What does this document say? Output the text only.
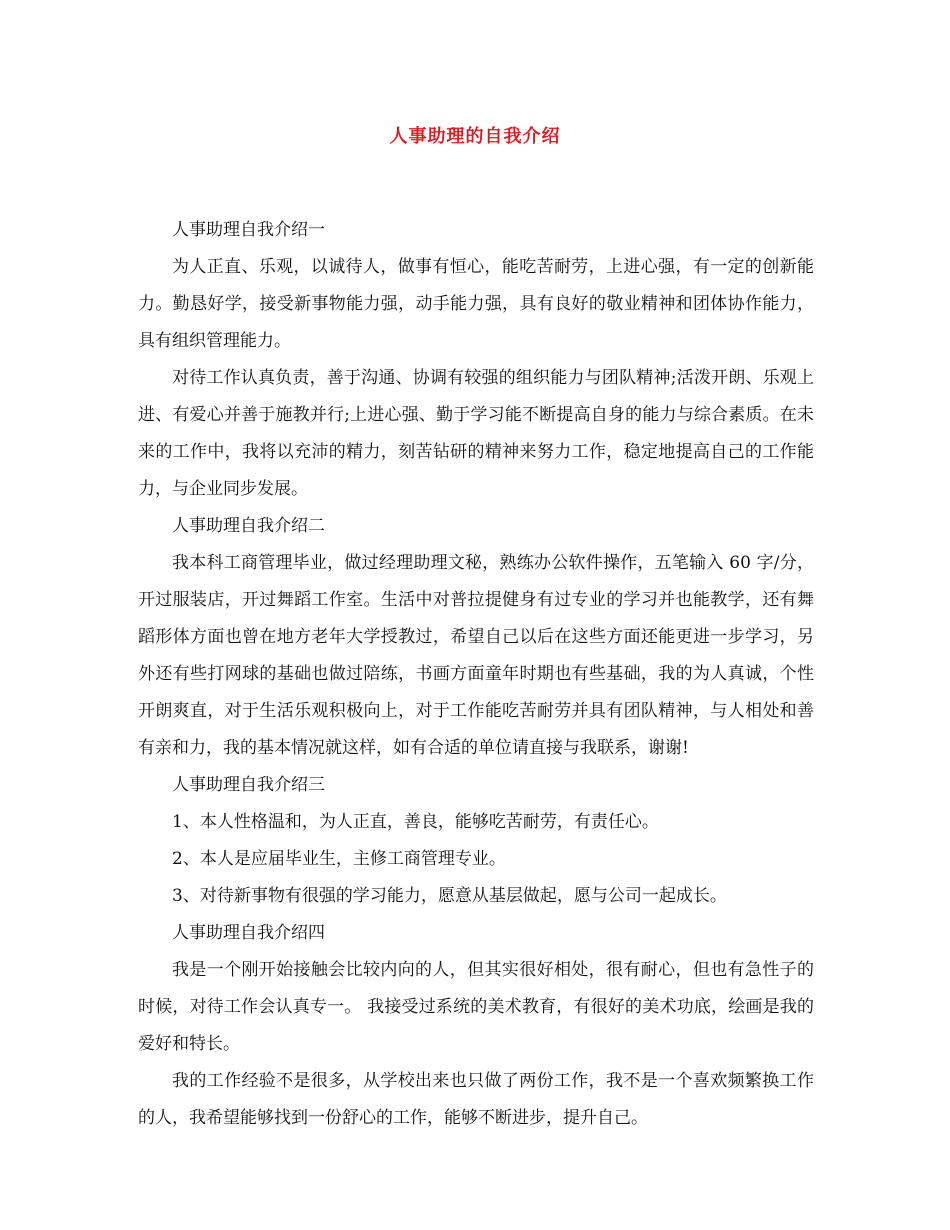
人事助理的自我介绍

人事助理自我介绍一

为人正直、乐观，以诚待人，做事有恒心，能吃苦耐劳，上进心强，有一定的创新能力。勤恳好学，接受新事物能力强，动手能力强，具有良好的敬业精神和团体协作能力，具有组织管理能力。

对待工作认真负责，善于沟通、协调有较强的组织能力与团队精神;活泼开朗、乐观上进、有爱心并善于施教并行;上进心强、勤于学习能不断提高自身的能力与综合素质。在未来的工作中，我将以充沛的精力，刻苦钻研的精神来努力工作，稳定地提高自己的工作能力，与企业同步发展。

人事助理自我介绍二

我本科工商管理毕业，做过经理助理文秘，熟练办公软件操作，五笔输入 60 字/分，开过服装店，开过舞蹈工作室。生活中对普拉提健身有过专业的学习并也能教学，还有舞蹈形体方面也曾在地方老年大学授教过，希望自己以后在这些方面还能更进一步学习，另外还有些打网球的基础也做过陪练，书画方面童年时期也有些基础，我的为人真诚，个性开朗爽直，对于生活乐观积极向上，对于工作能吃苦耐劳并具有团队精神，与人相处和善有亲和力，我的基本情况就这样，如有合适的单位请直接与我联系，谢谢!

人事助理自我介绍三

1、本人性格温和，为人正直，善良，能够吃苦耐劳，有责任心。

2、本人是应届毕业生，主修工商管理专业。

3、对待新事物有很强的学习能力，愿意从基层做起，愿与公司一起成长。

人事助理自我介绍四

我是一个刚开始接触会比较内向的人，但其实很好相处，很有耐心，但也有急性子的时候，对待工作会认真专一。 我接受过系统的美术教育，有很好的美术功底，绘画是我的爱好和特长。

我的工作经验不是很多，从学校出来也只做了两份工作，我不是一个喜欢频繁换工作的人，我希望能够找到一份舒心的工作，能够不断进步，提升自己。
